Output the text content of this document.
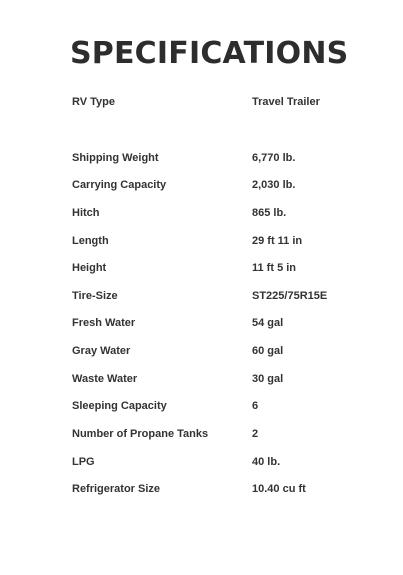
SPECIFICATIONS
RV Type	Travel Trailer
Shipping Weight	6,770 lb.
Carrying Capacity	2,030 lb.
Hitch	865 lb.
Length	29 ft 11 in
Height	11 ft 5 in
Tire-Size	ST225/75R15E
Fresh Water	54 gal
Gray Water	60 gal
Waste Water	30 gal
Sleeping Capacity	6
Number of Propane Tanks	2
LPG	40 lb.
Refrigerator Size	10.40 cu ft
